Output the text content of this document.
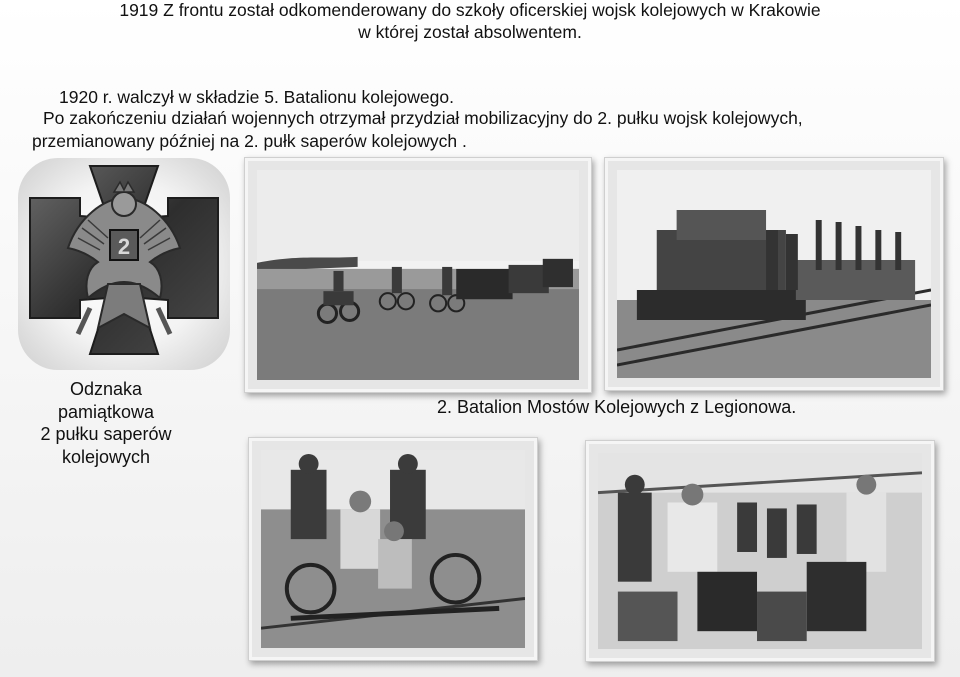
1919 Z frontu został odkomenderowany do szkoły oficerskiej wojsk kolejowych w Krakowie
w której został absolwentem.
1920 r. walczył w składzie 5. Batalionu kolejowego.
Po zakończeniu działań wojennych otrzymał przydział mobilizacyjny do 2. pułku wojsk kolejowych,
przemianowany później na 2. pułk saperów kolejowych .
2
Odznaka
pamiątkowa
2 pułku saperów
kolejowych
2. Batalion Mostów Kolejowych z Legionowa.
